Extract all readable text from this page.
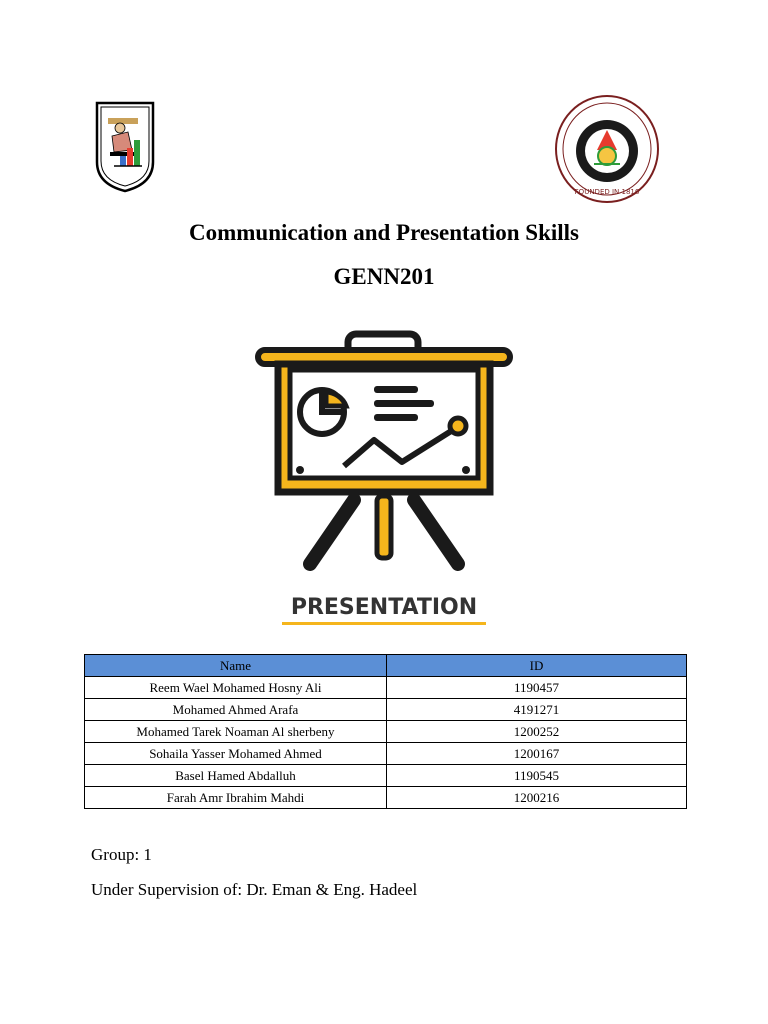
FOUNDED IN 1816
Communication and Presentation Skills
GENN201
PRESENTATION
Name	ID
Reem Wael Mohamed Hosny Ali	1190457
Mohamed Ahmed Arafa	4191271
Mohamed Tarek Noaman Al sherbeny	1200252
Sohaila Yasser Mohamed Ahmed	1200167
Basel Hamed Abdalluh	1190545
Farah Amr Ibrahim Mahdi	1200216
Group: 1
Under Supervision of: Dr. Eman & Eng. Hadeel
